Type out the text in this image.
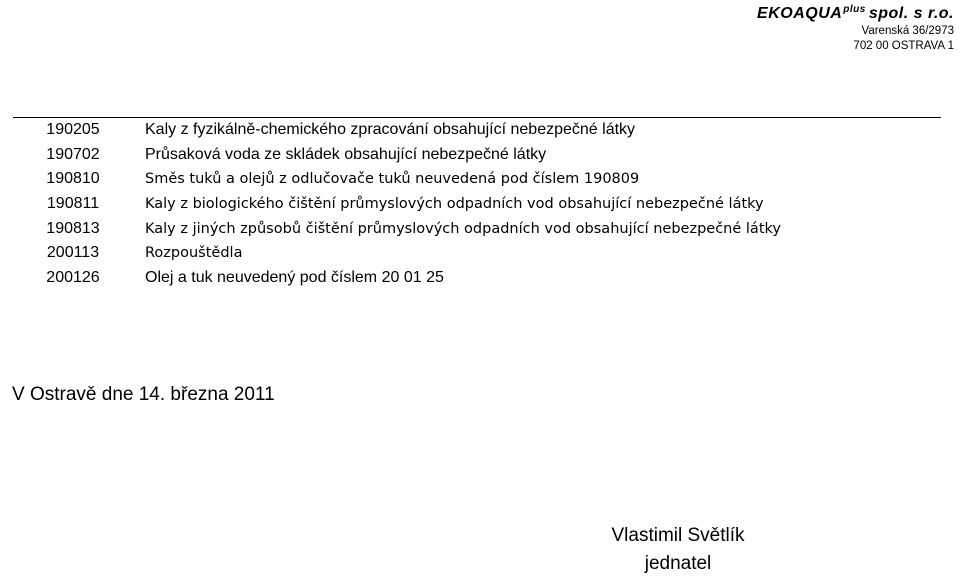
$EKOAQUA^{plus}$ spol. s r.o.
Varenská 36/2973
702 00 OSTRAVA 1
190205	Kaly z fyzikálně-chemického zpracování obsahující nebezpečné látky
190702	Průsaková voda ze skládek obsahující nebezpečné látky
190810	Směs tuků a olejů z odlučovače tuků neuvedená pod číslem 190809
190811	Kaly z biologického čištění průmyslových odpadních vod obsahující nebezpečné látky
190813	Kaly z jiných způsobů čištění průmyslových odpadních vod obsahující nebezpečné látky
200113	Rozpouštědla
200126	Olej a tuk neuvedený pod číslem 20 01 25
V Ostravě dne 14. března 2011
Vlastimil Světlík
jednatel
